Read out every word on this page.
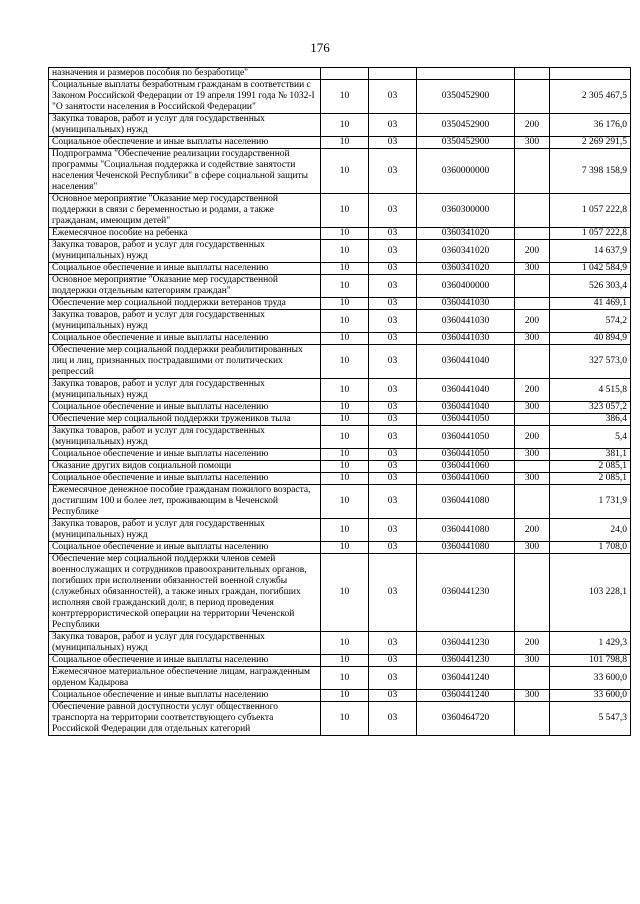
176
назначения и размеров пособия по безработице"					
Социальные выплаты безработным гражданам в соответствии с Законом Российской Федерации от 19 апреля 1991 года № 1032-I "О занятости населения в Российской Федерации"	10	03	0350452900		2 305 467,5
Закупка товаров, работ и услуг для государственных (муниципальных) нужд	10	03	0350452900	200	36 176,0
Социальное обеспечение и иные выплаты населению	10	03	0350452900	300	2 269 291,5
Подпрограмма "Обеспечение реализации государственной программы "Социальная поддержка и содействие занятости населения Чеченской Республики" в сфере социальной защиты населения"	10	03	0360000000		7 398 158,9
Основное мероприятие "Оказание мер государственной поддержки в связи с беременностью и родами, а также гражданам, имеющим детей"	10	03	0360300000		1 057 222,8
Ежемесячное пособие на ребенка	10	03	0360341020		1 057 222,8
Закупка товаров, работ и услуг для государственных (муниципальных) нужд	10	03	0360341020	200	14 637,9
Социальное обеспечение и иные выплаты населению	10	03	0360341020	300	1 042 584,9
Основное мероприятие "Оказание мер государственной поддержки отдельным категориям граждан"	10	03	0360400000		526 303,4
Обеспечение мер социальной поддержки ветеранов труда	10	03	0360441030		41 469,1
Закупка товаров, работ и услуг для государственных (муниципальных) нужд	10	03	0360441030	200	574,2
Социальное обеспечение и иные выплаты населению	10	03	0360441030	300	40 894,9
Обеспечение мер социальной поддержки реабилитированных лиц и лиц, признанных пострадавшими от политических репрессий	10	03	0360441040		327 573,0
Закупка товаров, работ и услуг для государственных (муниципальных) нужд	10	03	0360441040	200	4 515,8
Социальное обеспечение и иные выплаты населению	10	03	0360441040	300	323 057,2
Обеспечение мер социальной поддержки тружеников тыла	10	03	0360441050		386,4
Закупка товаров, работ и услуг для государственных (муниципальных) нужд	10	03	0360441050	200	5,4
Социальное обеспечение и иные выплаты населению	10	03	0360441050	300	381,1
Оказание других видов социальной помощи	10	03	0360441060		2 085,1
Социальное обеспечение и иные выплаты населению	10	03	0360441060	300	2 085,1
Ежемесячное денежное пособие гражданам пожилого возраста, достигшим 100 и более лет, проживающим в Чеченской Республике	10	03	0360441080		1 731,9
Закупка товаров, работ и услуг для государственных (муниципальных) нужд	10	03	0360441080	200	24,0
Социальное обеспечение и иные выплаты населению	10	03	0360441080	300	1 708,0
Обеспечение мер социальной поддержки членов семей военнослужащих и сотрудников правоохранительных органов, погибших при исполнении обязанностей военной службы (служебных обязанностей), а также иных граждан, погибших исполняя свой гражданский долг, в период проведения контртеррористической операции на территории Чеченской Республики	10	03	0360441230		103 228,1
Закупка товаров, работ и услуг для государственных (муниципальных) нужд	10	03	0360441230	200	1 429,3
Социальное обеспечение и иные выплаты населению	10	03	0360441230	300	101 798,8
Ежемесячное материальное обеспечение лицам, награжденным орденом Кадырова	10	03	0360441240		33 600,0
Социальное обеспечение и иные выплаты населению	10	03	0360441240	300	33 600,0
Обеспечение равной доступности услуг общественного транспорта на территории соответствующего субъекта Российской Федерации для отдельных категорий	10	03	0360464720		5 547,3
